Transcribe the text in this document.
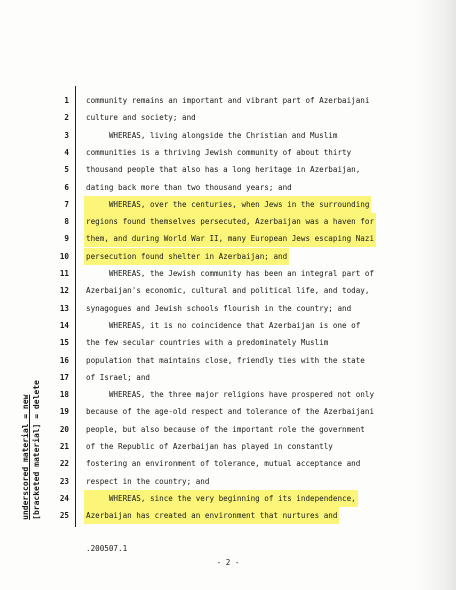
underscored material = new [bracketed material] = delete
1 community remains an important and vibrant part of Azerbaijani
2 culture and society; and
3 WHEREAS, living alongside the Christian and Muslim
4 communities is a thriving Jewish community of about thirty
5 thousand people that also has a long heritage in Azerbaijan,
6 dating back more than two thousand years; and
7 WHEREAS, over the centuries, when Jews in the surrounding
8 regions found themselves persecuted, Azerbaijan was a haven for
9 them, and during World War II, many European Jews escaping Nazi
10 persecution found shelter in Azerbaijan; and
11 WHEREAS, the Jewish community has been an integral part of
12 Azerbaijan's economic, cultural and political life, and today,
13 synagogues and Jewish schools flourish in the country; and
14 WHEREAS, it is no coincidence that Azerbaijan is one of
15 the few secular countries with a predominately Muslim
16 population that maintains close, friendly ties with the state
17 of Israel; and
18 WHEREAS, the three major religions have prospered not only
19 because of the age-old respect and tolerance of the Azerbaijani
20 people, but also because of the important role the government
21 of the Republic of Azerbaijan has played in constantly
22 fostering an environment of tolerance, mutual acceptance and
23 respect in the country; and
24 WHEREAS, since the very beginning of its independence,
25 Azerbaijan has created an environment that nurtures and
.200507.1
- 2 -
